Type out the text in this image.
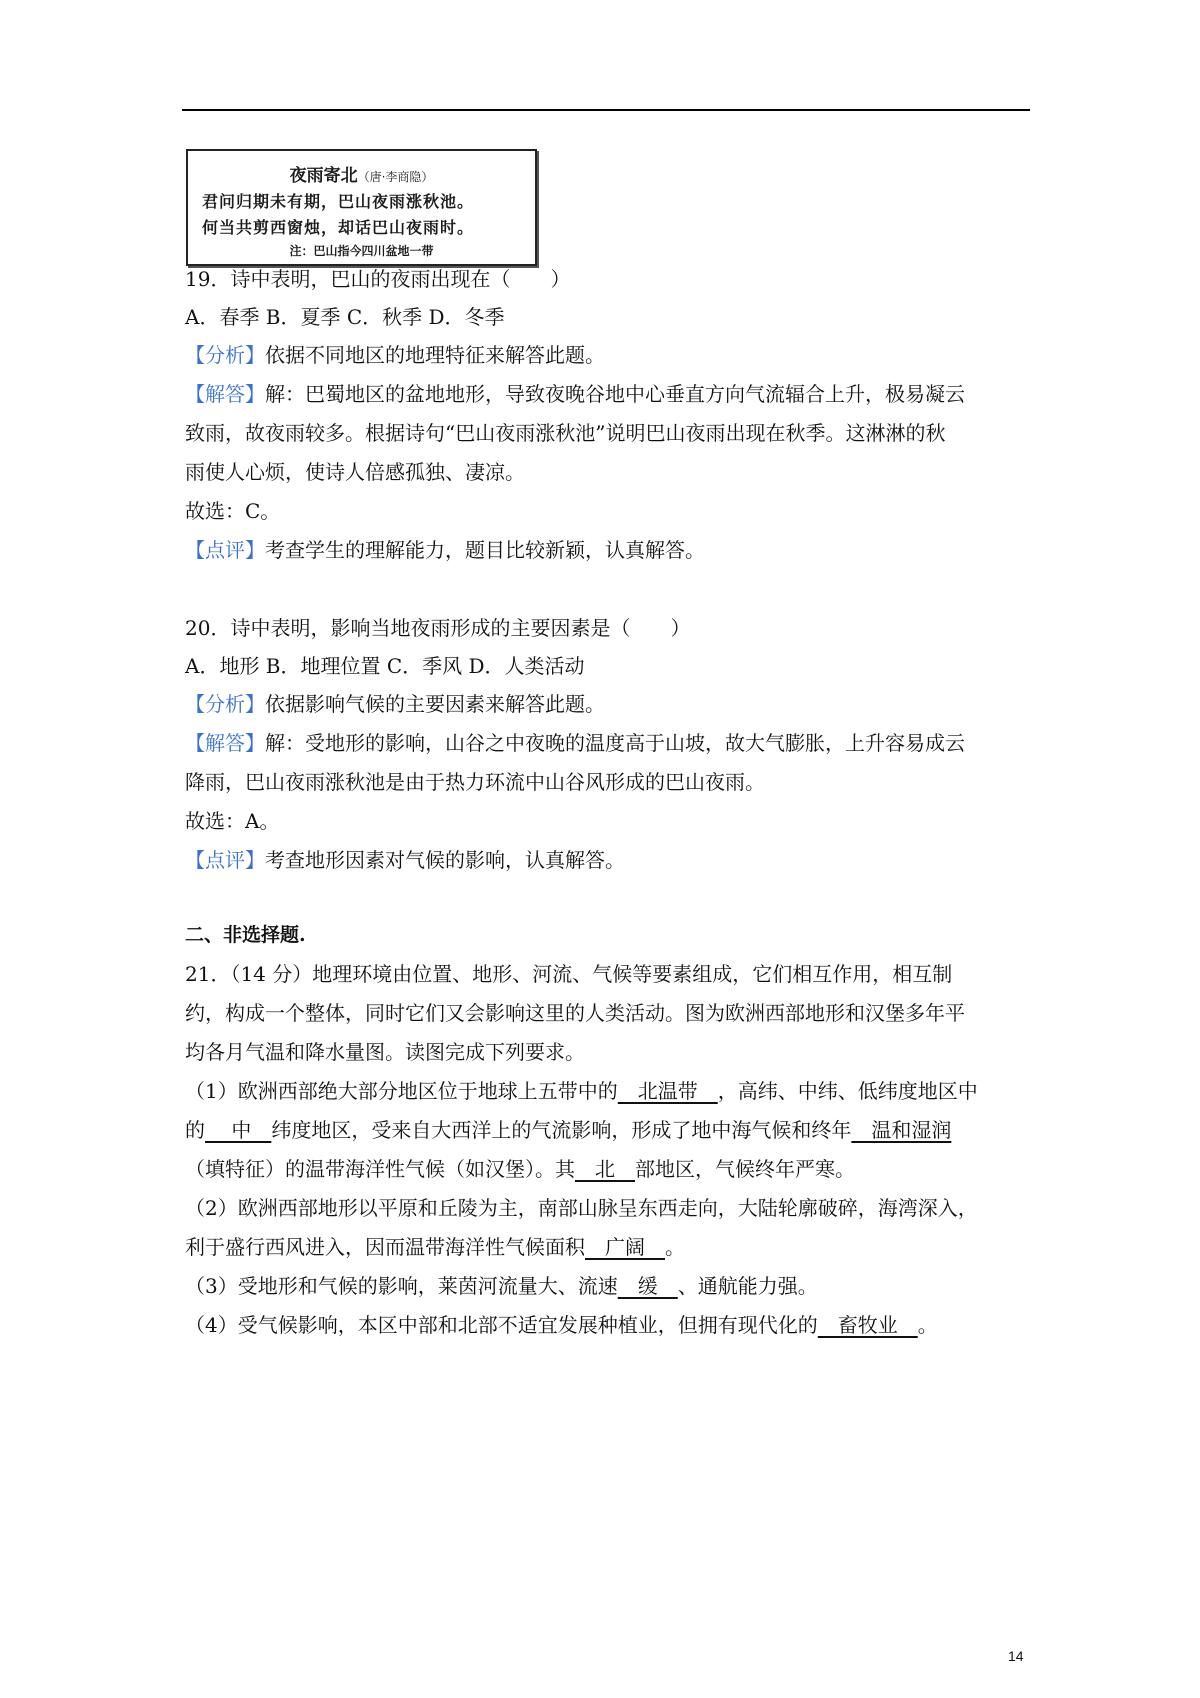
夜雨寄北（唐·李商隐）
君问归期未有期，巴山夜雨涨秋池。
何当共剪西窗烛，却话巴山夜雨时。
注：巴山指今四川盆地一带
19．诗中表明，巴山的夜雨出现在（　　）
A．春季 B．夏季 C．秋季 D．冬季
【分析】依据不同地区的地理特征来解答此题。
【解答】解：巴蜀地区的盆地地形，导致夜晚谷地中心垂直方向气流辐合上升，极易凝云
致雨，故夜雨较多。根据诗句“巴山夜雨涨秋池”说明巴山夜雨出现在秋季。这淋淋的秋
雨使人心烦，使诗人倍感孤独、凄凉。
故选：C。
【点评】考查学生的理解能力，题目比较新颖，认真解答。
20．诗中表明，影响当地夜雨形成的主要因素是（　　）
A．地形 B．地理位置 C．季风 D．人类活动
【分析】依据影响气候的主要因素来解答此题。
【解答】解：受地形的影响，山谷之中夜晚的温度高于山坡，故大气膨胀，上升容易成云
降雨，巴山夜雨涨秋池是由于热力环流中山谷风形成的巴山夜雨。
故选：A。
【点评】考查地形因素对气候的影响，认真解答。
二、非选择题.
21．（14 分）地理环境由位置、地形、河流、气候等要素组成，它们相互作用，相互制
约，构成一个整体，同时它们又会影响这里的人类活动。图为欧洲西部地形和汉堡多年平
均各月气温和降水量图。读图完成下列要求。
（1）欧洲西部绝大部分地区位于地球上五带中的　北温带　，高纬、中纬、低纬度地区中
的　 中　纬度地区，受来自大西洋上的气流影响，形成了地中海气候和终年　温和湿润
（填特征）的温带海洋性气候（如汉堡）。其　北　部地区，气候终年严寒。
（2）欧洲西部地形以平原和丘陵为主，南部山脉呈东西走向，大陆轮廓破碎，海湾深入，
利于盛行西风进入，因而温带海洋性气候面积　广阔　。
（3）受地形和气候的影响，莱茵河流量大、流速　缓　、通航能力强。
（4）受气候影响，本区中部和北部不适宜发展种植业，但拥有现代化的　畜牧业　。
14
